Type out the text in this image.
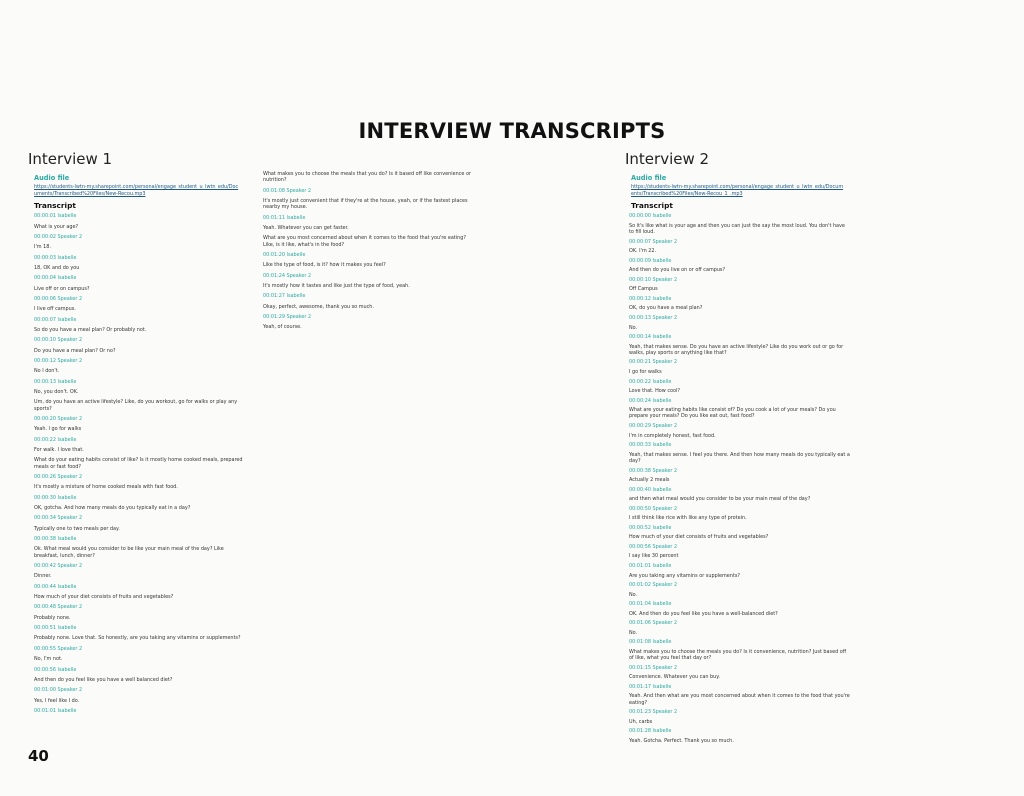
INTERVIEW TRANSCRIPTS
Interview 1
Audio file
https://students-lwtn-my.sharepoint.com/personal/engage_student_u_lwtn_edu/Documents/Transcribed%20Files/New-Recou.mp3
Transcript
00:00:01 Isabelle
What is your age?
00:00:02 Speaker 2
I'm 18.
00:00:03 Isabelle
18, OK and do you
00:00:04 Isabelle
Live off or on campus?
00:00:06 Speaker 2
I live off campus.
00:00:07 Isabelle
So do you have a meal plan? Or probably not.
00:00:10 Speaker 2
Do you have a meal plan? Or no?
00:00:12 Speaker 2
No I don't.
00:00:13 Isabelle
No, you don't. OK.
Um, do you have an active lifestyle? Like, do you workout, go for walks or play any sports?
00:00:20 Speaker 2
Yeah. I go for walks
00:00:22 Isabelle
For walk. I love that.
What do your eating habits consist of like? Is it mostly home cooked meals, prepared meals or fast food?
00:00:26 Speaker 2
It's mostly a mixture of home cooked meals with fast food.
00:00:30 Isabelle
OK, gotcha. And how many meals do you typically eat in a day?
00:00:34 Speaker 2
Typically one to two meals per day.
00:00:38 Isabelle
Ok. What meal would you consider to be like your main meal of the day? Like breakfast, lunch, dinner?
00:00:42 Speaker 2
Dinner.
00:00:44 Isabelle
How much of your diet consists of fruits and vegetables?
00:00:48 Speaker 2
Probably none.
00:00:51 Isabelle
Probably none. Love that. So honestly, are you taking any vitamins or supplements?
00:00:55 Speaker 2
No, I'm not.
00:00:56 Isabelle
And then do you feel like you have a well balanced diet?
00:01:00 Speaker 2
Yes, I feel like I do.
00:01:01 Isabelle
What makes you to choose the meals that you do? Is it based off like convenience or nutrition?
00:01:08 Speaker 2
It's mostly just convenient that if they're at the house, yeah, or if the fastest places nearby my house.
00:01:11 Isabelle
Yeah. Whatever you can get faster.
What are you most concerned about when it comes to the food that you're eating? Like, is it like, what's in the food?
00:01:20 Isabelle
Like the type of food, is it? how it makes you feel?
00:01:24 Speaker 2
It's mostly how it tastes and like just the type of food, yeah.
00:01:27 Isabelle
Okay, perfect, awesome, thank you so much.
00:01:29 Speaker 2
Yeah, of course.
Interview 2
Audio file
https://students-lwtn-my.sharepoint.com/personal/engage_student_u_lwtn_edu/Documents/Transcribed%20Files/New-Recou_1_.mp3
Transcript
00:00:00 Isabelle
So it's like what is your age and then you can just the say the most loud. You don't have to fill loud.
00:00:07 Speaker 2
OK. I'm 22.
00:00:09 Isabelle
And then do you live on or off campus?
00:00:10 Speaker 2
Off Campus
00:00:12 Isabelle
OK, do you have a meal plan?
00:00:13 Speaker 2
No.
00:00:14 Isabelle
Yeah, that makes sense. Do you have an active lifestyle? Like do you work out or go for walks, play sports or anything like that?
00:00:21 Speaker 2
I go for walks
00:00:22 Isabelle
Love that. How cool?
00:00:24 Isabelle
What are your eating habits like consist of? Do you cook a lot of your meals? Do you prepare your meals? Do you like eat out, fast food?
00:00:29 Speaker 2
I'm in completely honest, fast food.
00:00:33 Isabelle
Yeah, that makes sense. I feel you there. And then how many meals do you typically eat a day?
00:00:38 Speaker 2
Actually 2 meals
00:00:40 Isabelle
and then what meal would you consider to be your main meal of the day?
00:00:50 Speaker 2
I still think like rice with like any type of protein.
00:00:52 Isabelle
How much of your diet consists of fruits and vegetables?
00:00:56 Speaker 2
I say like 30 percent
00:01:01 Isabelle
Are you taking any vitamins or supplements?
00:01:02 Speaker 2
No.
00:01:04 Isabelle
OK. And then do you feel like you have a well-balanced diet?
00:01:06 Speaker 2
No.
00:01:08 Isabelle
What makes you to choose the meals you do? Is it convenience, nutrition? Just based off of like, what you feel that day or?
00:01:15 Speaker 2
Convenience. Whatever you can buy.
00:01:17 Isabelle
Yeah. And then what are you most concerned about when it comes to the food that you're eating?
00:01:23 Speaker 2
Uh, carbs
00:01:28 Isabelle
Yeah. Gotcha. Perfect. Thank you so much.
40
